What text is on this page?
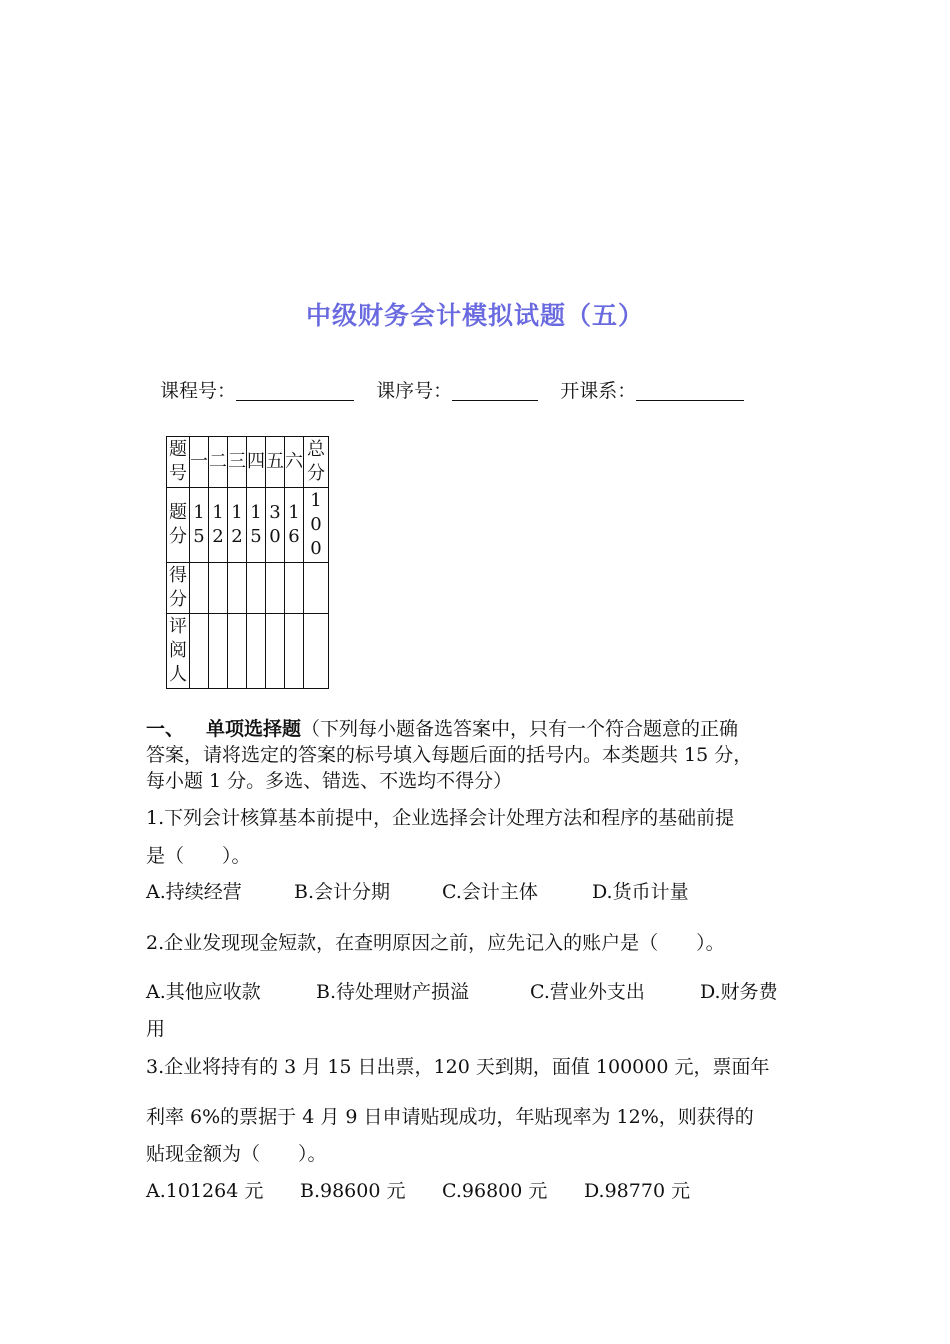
中级财务会计模拟试题（五）
课程号：	课序号：	开课系：
题号	一	二	三	四	五	六	总分
题分	15	12	12	15	30	16	100
得分							
评阅人							
一、 单项选择题（下列每小题备选答案中，只有一个符合题意的正确
答案，请将选定的答案的标号填入每题后面的括号内。本类题共 15 分，
每小题 1 分。多选、错选、不选均不得分）
1.下列会计核算基本前提中，企业选择会计处理方法和程序的基础前提
是（　　）。
A.持续经营	B.会计分期	C.会计主体	D.货币计量
2.企业发现现金短款，在查明原因之前，应先记入的账户是（　　）。
A.其他应收款	B.待处理财产损溢	C.营业外支出	D.财务费
用
3.企业将持有的 3 月 15 日出票，120 天到期，面值 100000 元，票面年
利率 6%的票据于 4 月 9 日申请贴现成功，年贴现率为 12%，则获得的
贴现金额为（　　）。
A.101264 元 B.98600 元 C.96800 元 D.98770 元
